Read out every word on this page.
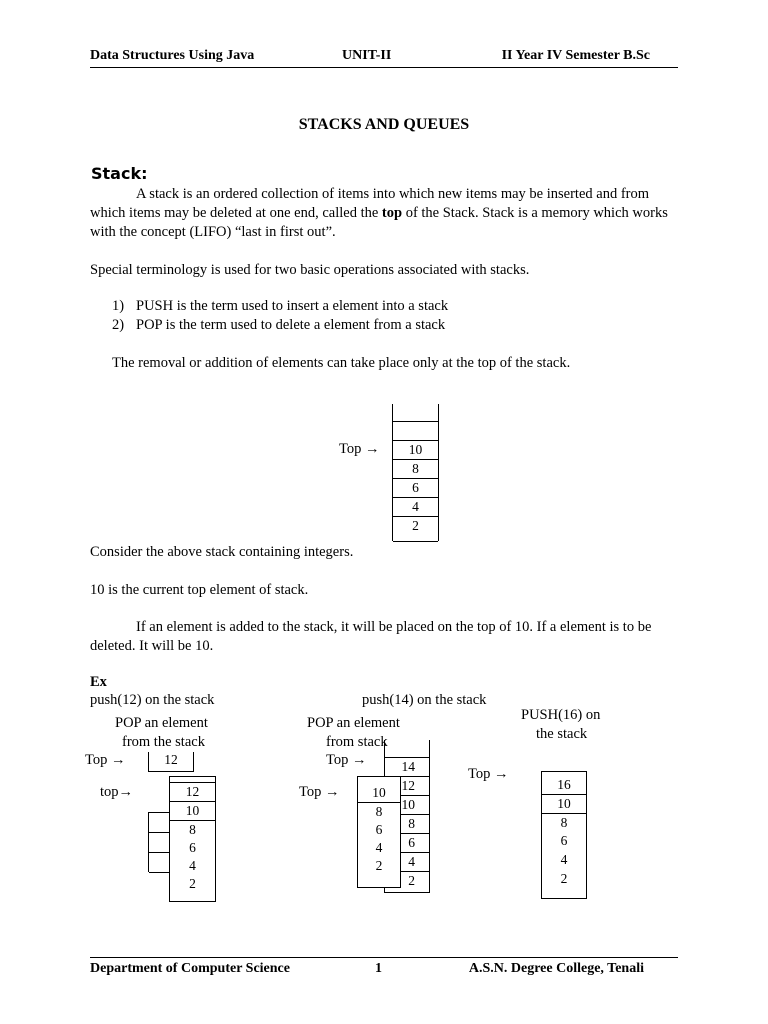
Data Structures Using Java	UNIT-II	II Year IV Semester B.Sc
STACKS AND QUEUES
Stack:
A stack is an ordered collection of items into which new items may be inserted and from which items may be deleted at one end, called the top of the Stack. Stack is a memory which works with the concept (LIFO) “last in first out”.
Special terminology is used for two basic operations associated with stacks.
1) PUSH is the term used to insert a element into a stack
2) POP is the term used to delete a element from a stack
The removal or addition of elements can take place only at the top of the stack.
Top →	10
8
6
4
2
Consider the above stack containing integers.
10 is the current top element of stack.
If an element is added to the stack, it will be placed on the top of 10. If a element is to be deleted. It will be 10.
Ex
push(12) on the stack
POP an element
from the stack
Top →
top→
12
12
10
8
6
4
2
push(14) on the stack
POP an element
from stack
Top →
Top →
14
12
10
8
6
4
2
10
8
6
4
2
PUSH(16) on
the stack
Top →
16
10
8
6
4
2
Department of Computer Science	1	A.S.N. Degree College, Tenali
